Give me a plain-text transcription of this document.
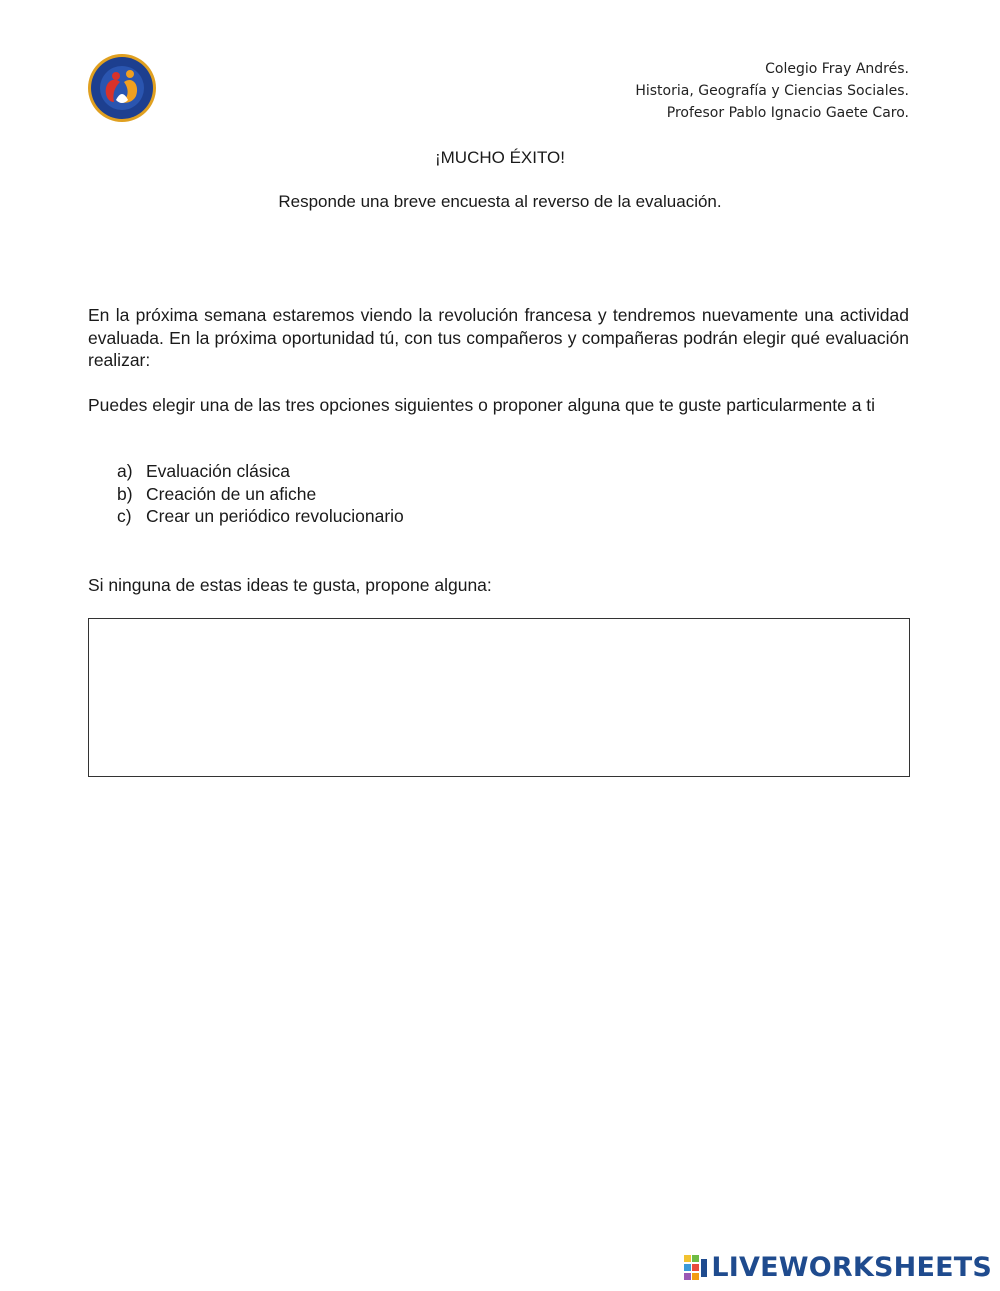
Colegio Fray Andrés.
Historia, Geografía y Ciencias Sociales.
Profesor Pablo Ignacio Gaete Caro.
¡MUCHO ÉXITO!
Responde una breve encuesta al reverso de la evaluación.
En la próxima semana estaremos viendo la revolución francesa y tendremos nuevamente una actividad evaluada. En la próxima oportunidad tú, con tus compañeros y compañeras podrán elegir qué evaluación realizar:
Puedes elegir una de las tres opciones siguientes o proponer alguna que te guste particularmente a ti
a) Evaluación clásica
b) Creación de un afiche
c) Crear un periódico revolucionario
Si ninguna de estas ideas te gusta, propone alguna:
LIVEWORKSHEETS
